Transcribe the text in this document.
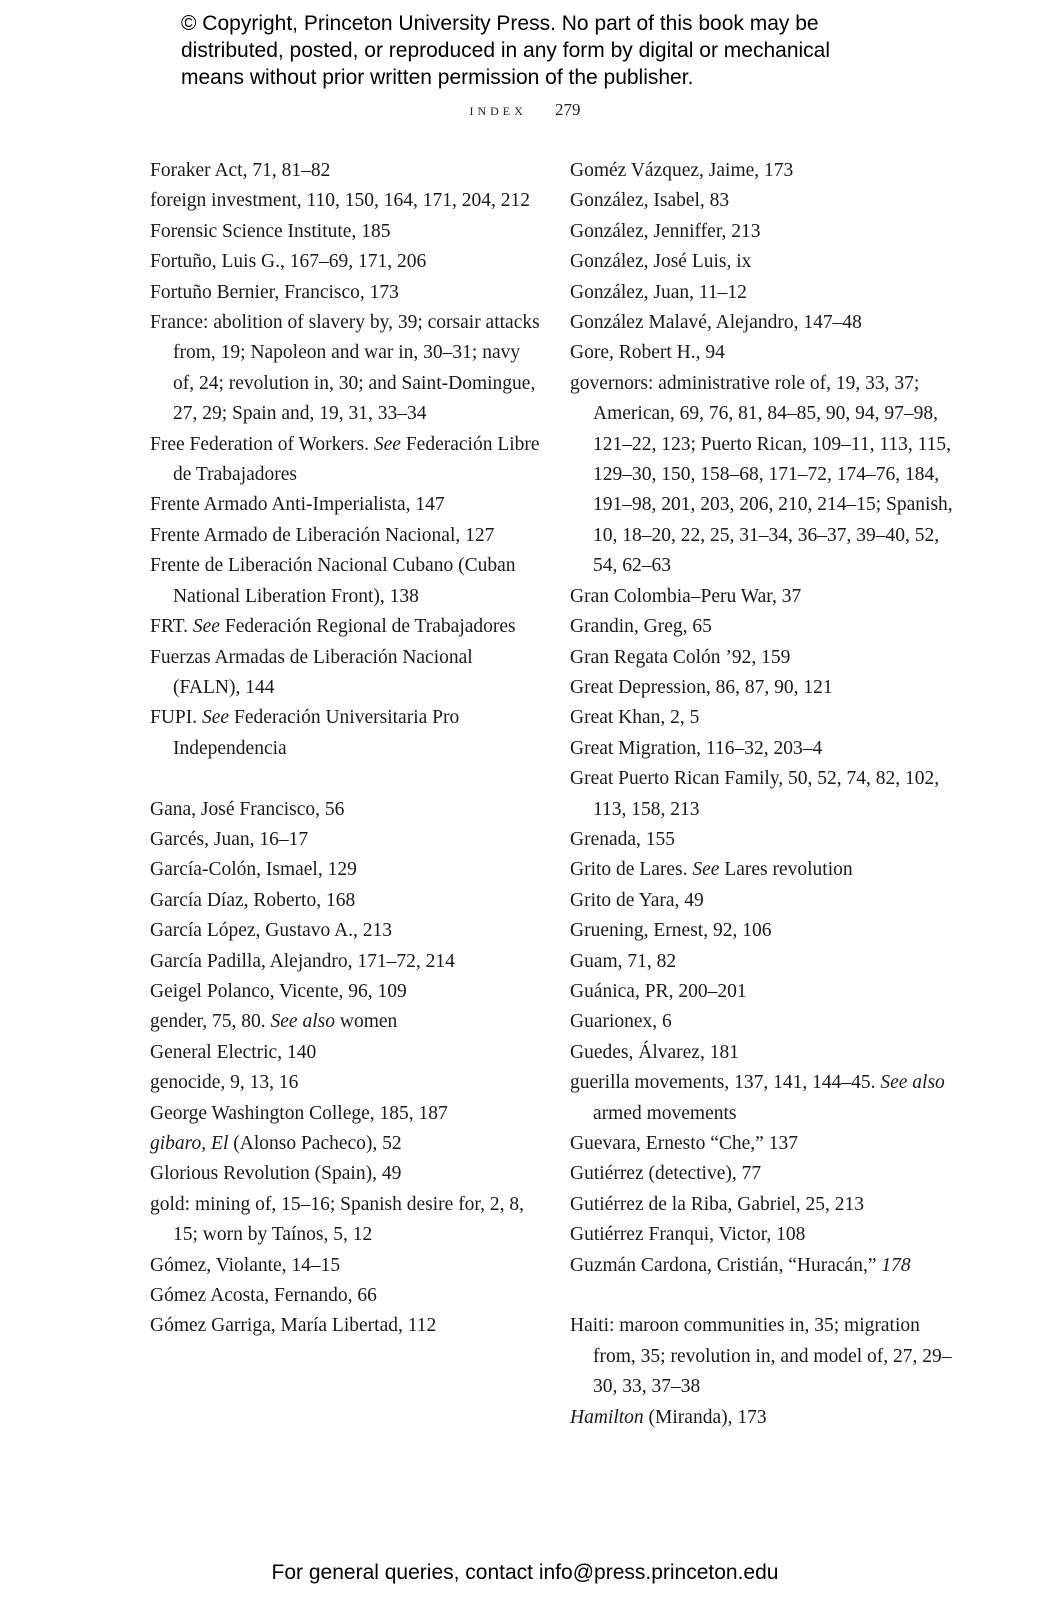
© Copyright, Princeton University Press. No part of this book may be
distributed, posted, or reproduced in any form by digital or mechanical
means without prior written permission of the publisher.
index 279

Foraker Act, 71, 81–82

foreign investment, 110, 150, 164, 171, 204, 212

Forensic Science Institute, 185

Fortuño, Luis G., 167–69, 171, 206

Fortuño Bernier, Francisco, 173

France: abolition of slavery by, 39; corsair attacks from, 19; Napoleon and war in, 30–31; navy of, 24; revolution in, 30; and Saint-Domingue, 27, 29; Spain and, 19, 31, 33–34

Free Federation of Workers. See Federación Libre de Trabajadores

Frente Armado Anti-Imperialista, 147

Frente Armado de Liberación Nacional, 127

Frente de Liberación Nacional Cubano (Cuban National Liberation Front), 138

FRT. See Federación Regional de Trabajadores

Fuerzas Armadas de Liberación Nacional (FALN), 144

FUPI. See Federación Universitaria Pro Independencia

Gana, José Francisco, 56

Garcés, Juan, 16–17

García-Colón, Ismael, 129

García Díaz, Roberto, 168

García López, Gustavo A., 213

García Padilla, Alejandro, 171–72, 214

Geigel Polanco, Vicente, 96, 109

gender, 75, 80. See also women

General Electric, 140

genocide, 9, 13, 16

George Washington College, 185, 187

gibaro, El (Alonso Pacheco), 52

Glorious Revolution (Spain), 49

gold: mining of, 15–16; Spanish desire for, 2, 8, 15; worn by Taínos, 5, 12

Gómez, Violante, 14–15

Gómez Acosta, Fernando, 66

Gómez Garriga, María Libertad, 112

Goméz Vázquez, Jaime, 173

González, Isabel, 83

González, Jenniffer, 213

González, José Luis, ix

González, Juan, 11–12

González Malavé, Alejandro, 147–48

Gore, Robert H., 94

governors: administrative role of, 19, 33, 37; American, 69, 76, 81, 84–85, 90, 94, 97–98, 121–22, 123; Puerto Rican, 109–11, 113, 115, 129–30, 150, 158–68, 171–72, 174–76, 184, 191–98, 201, 203, 206, 210, 214–15; Spanish, 10, 18–20, 22, 25, 31–34, 36–37, 39–40, 52, 54, 62–63

Gran Colombia–Peru War, 37

Grandin, Greg, 65

Gran Regata Colón ’92, 159

Great Depression, 86, 87, 90, 121

Great Khan, 2, 5

Great Migration, 116–32, 203–4

Great Puerto Rican Family, 50, 52, 74, 82, 102, 113, 158, 213

Grenada, 155

Grito de Lares. See Lares revolution

Grito de Yara, 49

Gruening, Ernest, 92, 106

Guam, 71, 82

Guánica, PR, 200–201

Guarionex, 6

Guedes, Álvarez, 181

guerilla movements, 137, 141, 144–45. See also armed movements

Guevara, Ernesto “Che,” 137

Gutiérrez (detective), 77

Gutiérrez de la Riba, Gabriel, 25, 213

Gutiérrez Franqui, Victor, 108

Guzmán Cardona, Cristián, “Huracán,” 178

Haiti: maroon communities in, 35; migration from, 35; revolution in, and model of, 27, 29–30, 33, 37–38

Hamilton (Miranda), 173

For general queries, contact info@press.princeton.edu
